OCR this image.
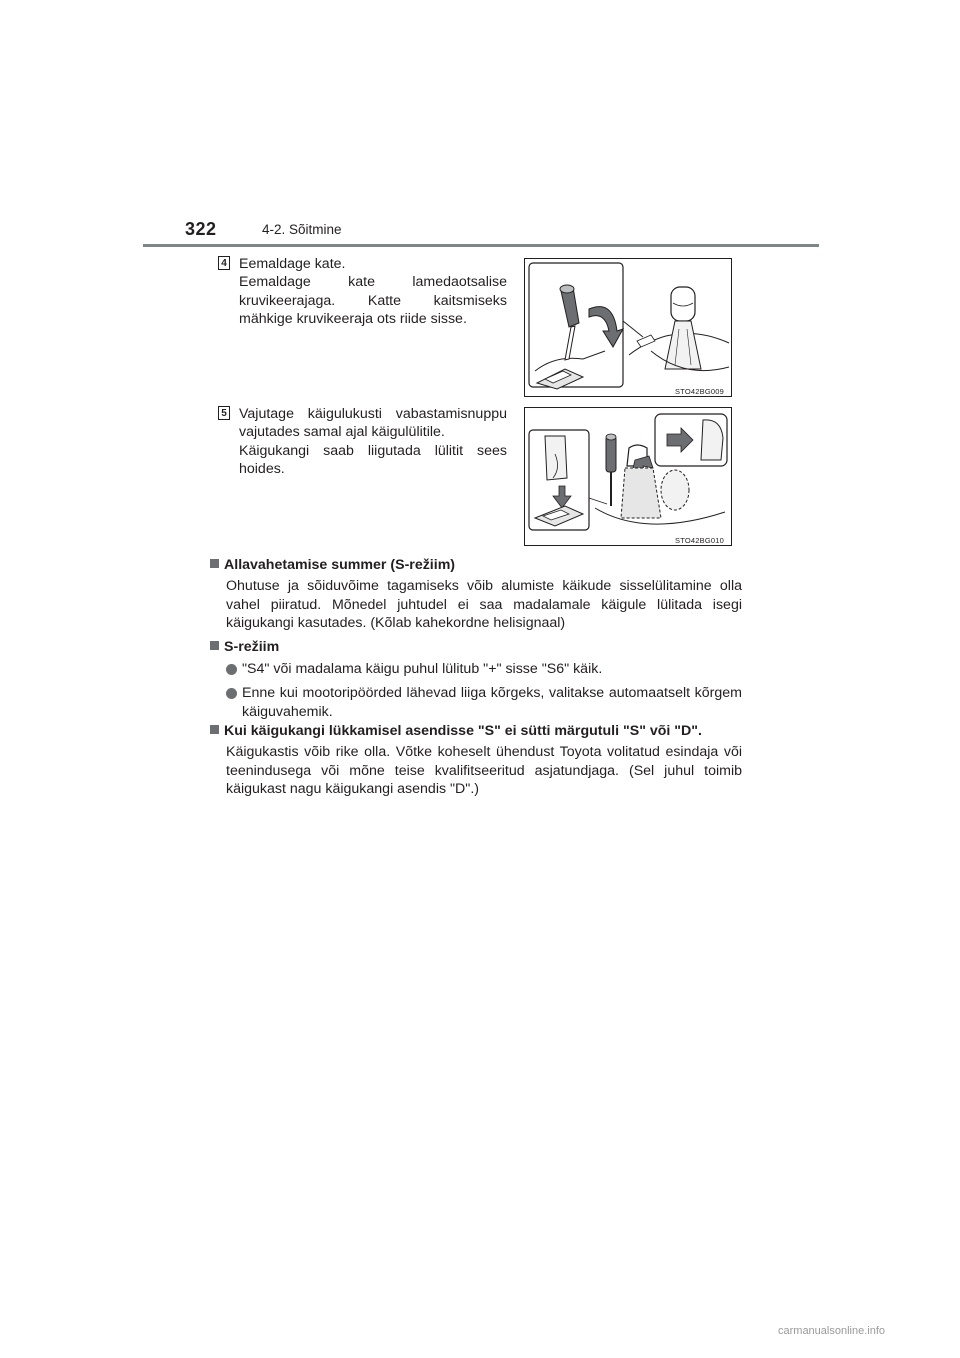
322	4-2. Sõitmine
4 Eemaldage kate.
Eemaldage kate lamedaotsalise
kruvikeerajaga. Katte kaitsmiseks
mähkige kruvikeeraja ots riide sisse.
STO42BG009
5 Vajutage käigulukusti vabastamisnuppu
vajutades samal ajal käigulülitile.
Käigukangi saab liigutada lülitit sees
hoides.
STO42BG010
Allavahetamise summer (S-režiim)
Ohutuse ja sõiduvõime tagamiseks võib alumiste käikude sisselülitamine olla vahel piiratud. Mõnedel juhtudel ei saa madalamale käigule lülitada isegi käigukangi kasutades. (Kõlab kahekordne helisignaal)
S-režiim
"S4" või madalama käigu puhul lülitub "+" sisse "S6" käik.
Enne kui mootoripöörded lähevad liiga kõrgeks, valitakse automaatselt kõrgem käiguvahemik.
Kui käigukangi lükkamisel asendisse "S" ei sütti märgutuli "S" või "D".
Käigukastis võib rike olla. Võtke koheselt ühendust Toyota volitatud esindaja või teenindusega või mõne teise kvalifitseeritud asjatundjaga. (Sel juhul toimib käigukast nagu käigukangi asendis "D".)
carmanualsonline.info
